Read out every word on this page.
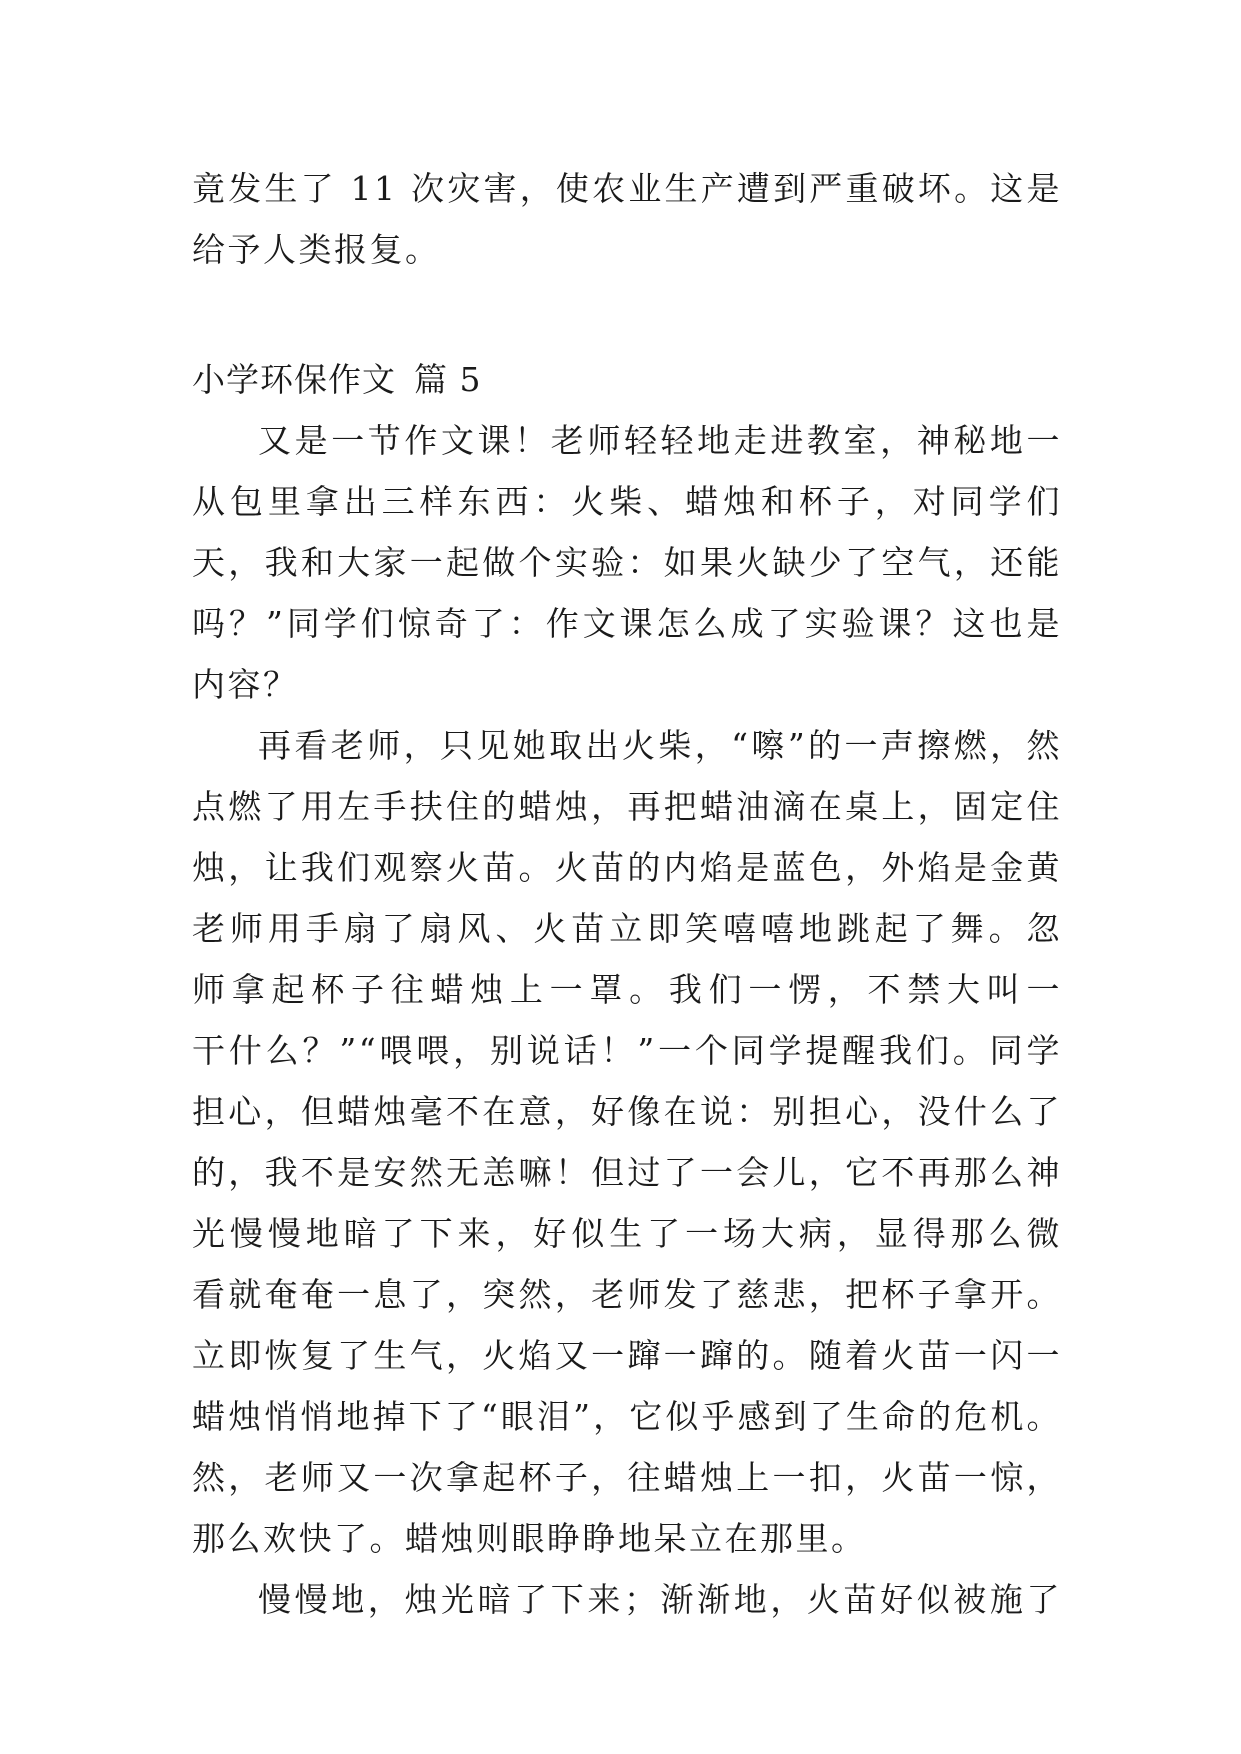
竟发生了 11 次灾害，使农业生产遭到严重破坏。这是
给予人类报复。
小学环保作文 篇 5
又是一节作文课！老师轻轻地走进教室，神秘地一
从包里拿出三样东西：火柴、蜡烛和杯子，对同学们
天，我和大家一起做个实验：如果火缺少了空气，还能
吗？”同学们惊奇了：作文课怎么成了实验课？这也是
内容？
再看老师，只见她取出火柴，“嚓”的一声擦燃，然
点燃了用左手扶住的蜡烛，再把蜡油滴在桌上，固定住
烛，让我们观察火苗。火苗的内焰是蓝色，外焰是金黄
老师用手扇了扇风、火苗立即笑嘻嘻地跳起了舞。忽
师拿起杯子往蜡烛上一罩。我们一愣，不禁大叫一
干什么？”“喂喂，别说话！”一个同学提醒我们。同学
担心，但蜡烛毫不在意，好像在说：别担心，没什么了
的，我不是安然无恙嘛！但过了一会儿，它不再那么神
光慢慢地暗了下来，好似生了一场大病，显得那么微
看就奄奄一息了，突然，老师发了慈悲，把杯子拿开。
立即恢复了生气，火焰又一蹿一蹿的。随着火苗一闪一
蜡烛悄悄地掉下了“眼泪”，它似乎感到了生命的危机。
然，老师又一次拿起杯子，往蜡烛上一扣，火苗一惊，
那么欢快了。蜡烛则眼睁睁地呆立在那里。
慢慢地，烛光暗了下来；渐渐地，火苗好似被施了
